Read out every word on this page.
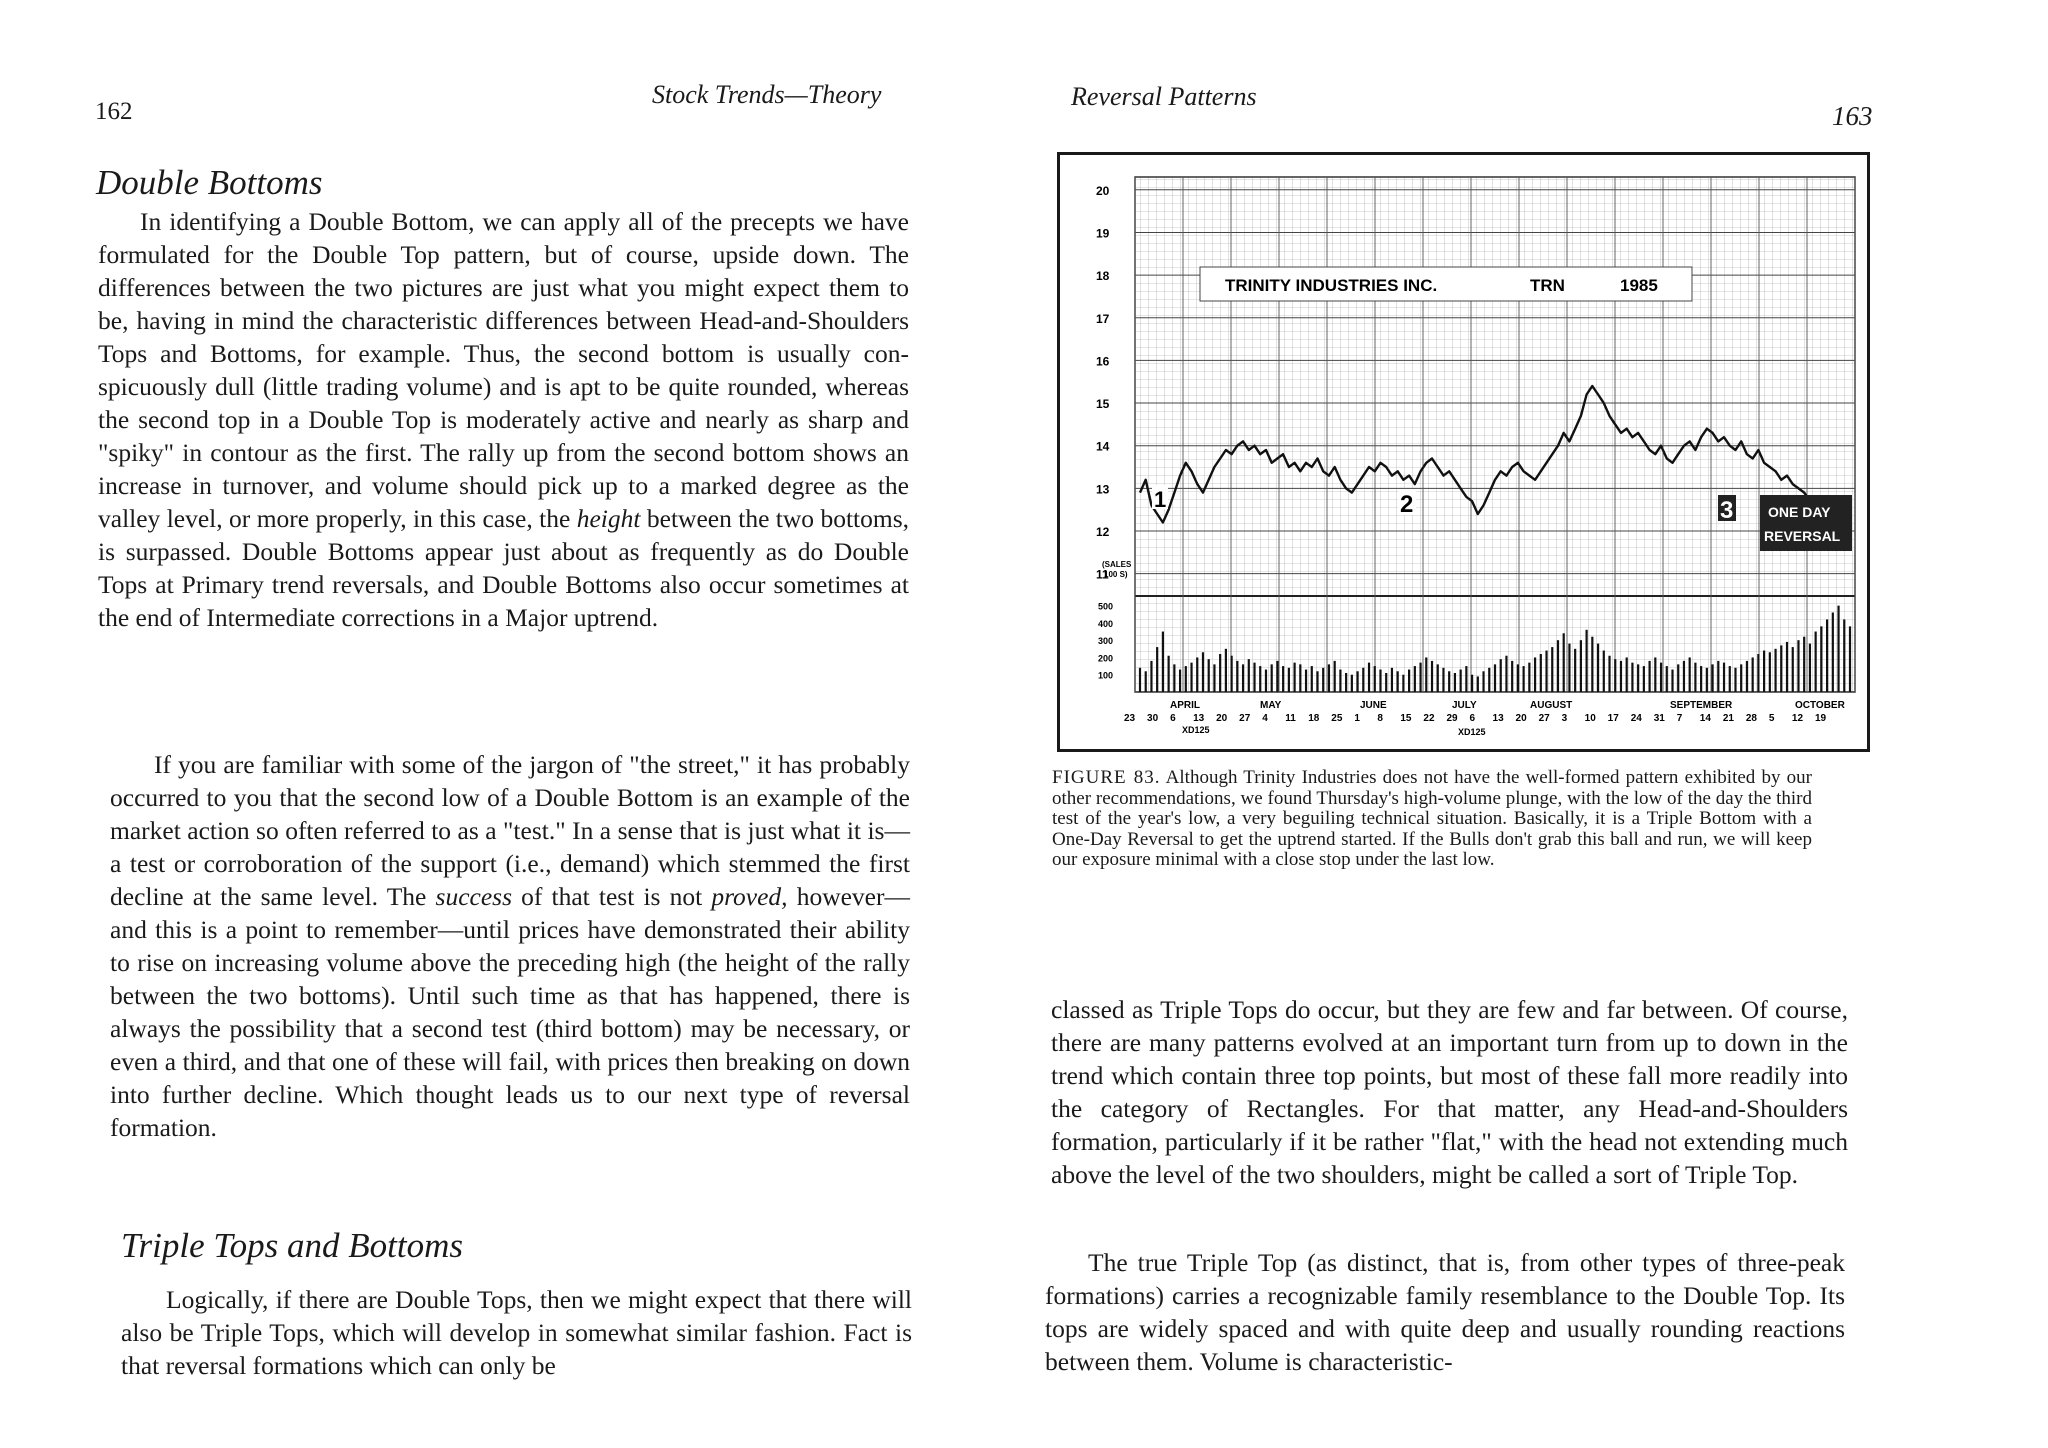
162
Stock Trends—Theory
Double Bottoms

In identifying a Double Bottom, we can apply all of the precepts we have formulated for the Double Top pattern, but of course, upside down. The differences between the two pictures are just what you might expect them to be, having in mind the characteristic differences between Head-and-Shoulders Tops and Bottoms, for example. Thus, the second bottom is usually conspicuously dull (little trading volume) and is apt to be quite rounded, whereas the second top in a Double Top is moderately active and nearly as sharp and "spiky" in contour as the first. The rally up from the second bottom shows an increase in turnover, and volume should pick up to a marked degree as the valley level, or more properly, in this case, the height between the two bottoms, is surpassed. Double Bottoms appear just about as frequently as do Double Tops at Primary trend reversals, and Double Bottoms also occur sometimes at the end of Intermediate corrections in a Major uptrend.

If you are familiar with some of the jargon of "the street," it has probably occurred to you that the second low of a Double Bottom is an example of the market action so often referred to as a "test." In a sense that is just what it is—a test or corroboration of the support (i.e., demand) which stemmed the first decline at the same level. The success of that test is not proved, however—and this is a point to remember—until prices have demonstrated their ability to rise on increasing volume above the preceding high (the height of the rally between the two bottoms). Until such time as that has happened, there is always the possibility that a second test (third bottom) may be necessary, or even a third, and that one of these will fail, with prices then breaking on down into further decline. Which thought leads us to our next type of reversal formation.

Triple Tops and Bottoms

Logically, if there are Double Tops, then we might expect that there will also be Triple Tops, which will develop in somewhat similar fashion. Fact is that reversal formations which can only be

Reversal Patterns
163
20
19
18
17
16
15
14
13
12
11
500
400
300
200
100
TRINITY INDUSTRIES INC.	TRN	1985
(SALES
100 S)
1	2	3 ONE DAY
REVERSAL
APRIL	MAY	JUNE	JULY	AUGUST	SEPTEMBER	OCTOBER
23 30 6 13 20 27 4 11 18 25 1 8 15 22 29 6 13 20 27 3 10 17 24 31 7 14 21 28 5 12 19
XD125	XD125

FIGURE 83. Although Trinity Industries does not have the well-formed pattern exhibited by our other recommendations, we found Thursday's high-volume plunge, with the low of the day the third test of the year's low, a very beguiling technical situation. Basically, it is a Triple Bottom with a One-Day Reversal to get the uptrend started. If the Bulls don't grab this ball and run, we will keep our exposure minimal with a close stop under the last low.

classed as Triple Tops do occur, but they are few and far between. Of course, there are many patterns evolved at an important turn from up to down in the trend which contain three top points, but most of these fall more readily into the category of Rectangles. For that matter, any Head-and-Shoulders formation, particularly if it be rather "flat," with the head not extending much above the level of the two shoulders, might be called a sort of Triple Top.

The true Triple Top (as distinct, that is, from other types of three-peak formations) carries a recognizable family resemblance to the Double Top. Its tops are widely spaced and with quite deep and usually rounding reactions between them. Volume is characteristic-
